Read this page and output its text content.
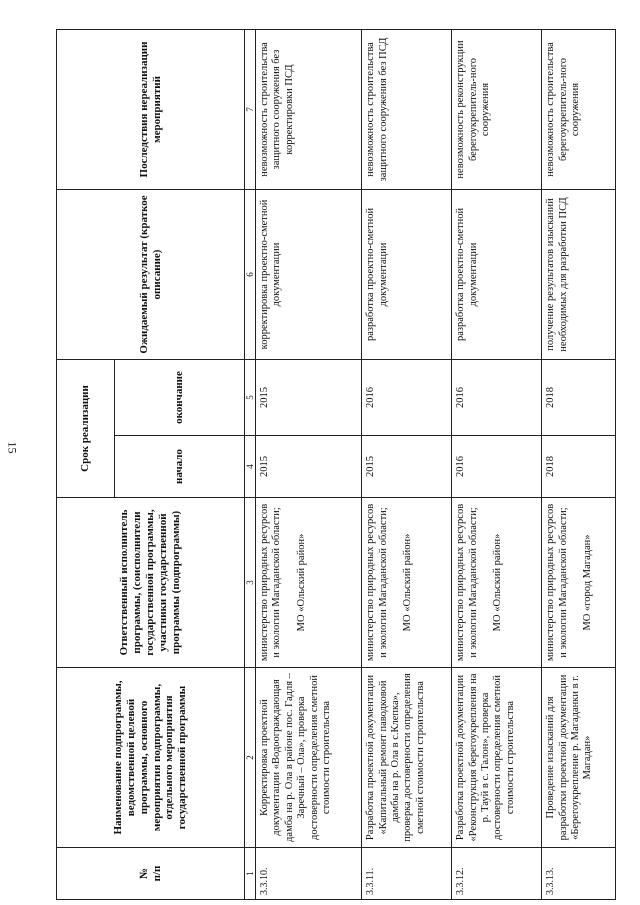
15
№
п/п	Наименование подпрограммы, ведомственной целевой программы, основного мероприятия подпрограммы, отдельного мероприятия государственной программы	Ответственный исполнитель программы, (соисполнители государственной программы, участники государственной программы (подпрограммы)	Срок реализации		Ожидаемый результат (краткое описание)	Последствия нереализации мероприятий
			начало	окончание		
1	2	3	4	5	6	7
3.3.10.	Корректировка проектной документации «Водоограждающая дамба на р. Ола в районе пос. Гадля – Заречный – Ола», проверка достоверности определения сметной стоимости строительства	министерство природных ресурсов и экологии Магаданской области;

МО «Ольский район»	2015	2015	корректировка проектно-сметной документации	невозможность строительства защитного сооружения без корректировки ПСД
3.3.11.	Разработка проектной документации «Капитальный ремонт паводковой дамбы на р. Ола в с.Клепка», проверка достоверности определения сметной стоимости строительства	министерство природных ресурсов и экологии Магаданской области;

МО «Ольский район»	2015	2016	разработка проектно-сметной документации	невозможность строительства защитного сооружения без ПСД
3.3.12.	Разработка проектной документации «Реконструкция берегоукрепления на р. Тауй в с. Талон», проверка достоверности определения сметной стоимости строительства	министерство природных ресурсов и экологии Магаданской области;

МО «Ольский район»	2016	2016	разработка проектно-сметной документации	невозможность реконструкции берегоукрепитель-ного сооружения
3.3.13.	Проведение изысканий для разработки проектной документации «Берегоукрепление р. Магаданки в г. Магадан»	министерство природных ресурсов и экологии Магаданской области;

МО «город Магадан»	2018	2018	получение результатов изысканий необходимых для разработки ПСД	невозможность строительства берегоукрепитель-ного сооружения
